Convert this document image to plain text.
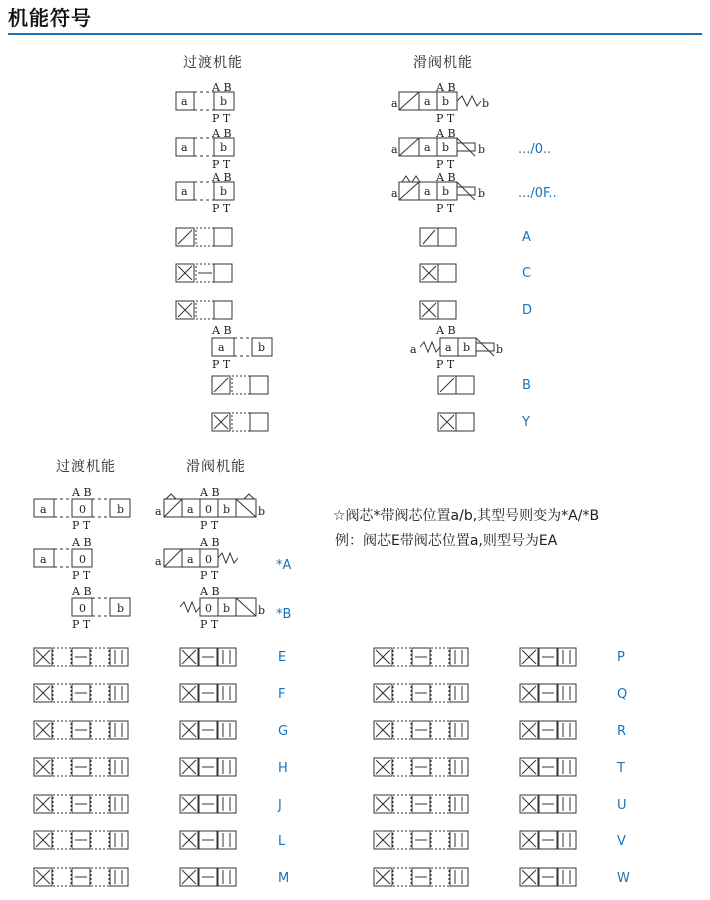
机能符号
过渡机能	滑阀机能
A B
P T
a	b
A B
P T
a a b	b
A B
P T
a	b
A B
P T
a a b	b
A B
P T
a	b
A B
P T
a a b	b
A B
P T
a	b
A B
P T
a	a b b
.../0..
.../0F..
A
C
D
B
Y
过渡机能	滑阀机能
A B
P T
a	0	b
A B
P T
a a 0 b	b
A B
P T
a	0
A B
P T
a a 0
A B
P T
0	b
A B
P T
0 b	b
*A
*B
☆阀芯*带阀芯位置a/b,其型号则变为*A/*B
例：阀芯E带阀芯位置a,则型号为EA
E
F
G
H
J
L
M
P
Q
R
T
U
V
W
